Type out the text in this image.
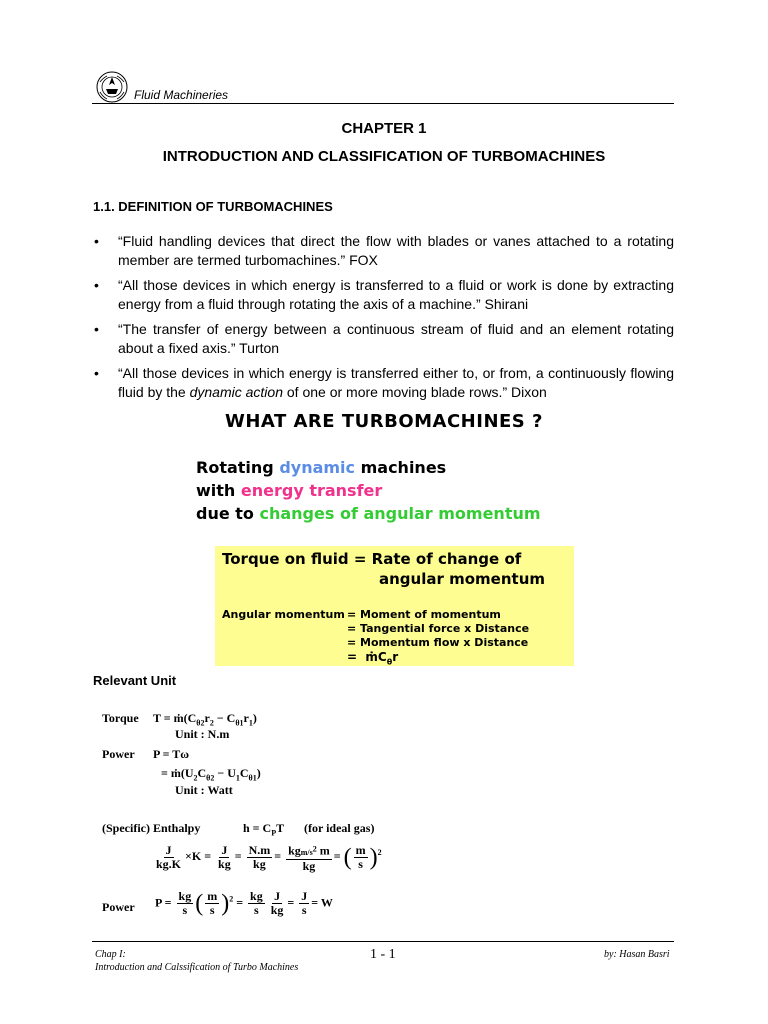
Fluid Machineries
CHAPTER 1
INTRODUCTION AND CLASSIFICATION OF TURBOMACHINES
1.1. DEFINITION OF TURBOMACHINES
• “Fluid handling devices that direct the flow with blades or vanes attached to a rotating member are termed turbomachines.” FOX
• “All those devices in which energy is transferred to a fluid or work is done by extracting energy from a fluid through rotating the axis of a machine.” Shirani
• “The transfer of energy between a continuous stream of fluid and an element rotating about a fixed axis.” Turton
• “All those devices in which energy is transferred either to, or from, a continuously flowing fluid by the dynamic action of one or more moving blade rows.” Dixon
WHAT ARE TURBOMACHINES ?
Rotating dynamic machines
with energy transfer
due to changes of angular momentum
Torque on fluid = Rate of change of
angular momentum
Angular momentum = Moment of momentum
= Tangential force x Distance
= Momentum flow x Distance
=  $ṁC_\theta r$
Relevant Unit
Torque $T = ṁ(C_{\theta 2}r_2 - C_{\theta 1}r_1)$
Unit : N.m
Power P = Tω
= $ṁ(U_2C_{\theta 2} - U_1C_{\theta 1})$
Unit : Watt
(Specific) Enthalpy	$h = C_PT$ (for ideal gas)
$\frac{J}{kg.K} \times K = \frac{J}{kg} = \frac{N.m}{kg} = \frac{kgm/s^2 m}{kg}$ = ( $\frac{m}{s} )^2$
Power $P = \frac{kg}{s}$ ( $\frac{m}{s} )^2 = \frac{kg}{s} \frac{J}{kg} = \frac{J}{s} = W$
Chap I:
Introduction and Calssification of Turbo Machines
1 - 1	by: Hasan Basri
